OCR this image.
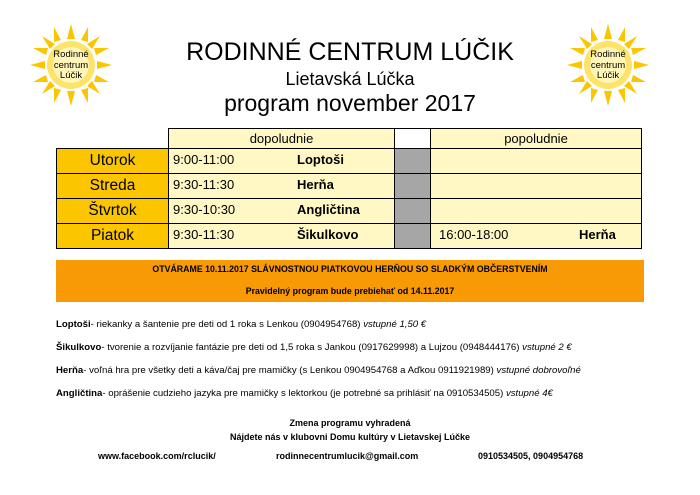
Rodinné
centrum
Lúčik
Rodinné
centrum
Lúčik
RODINNÉ CENTRUM LÚČIK
Lietavská Lúčka
program november 2017
dopoludnie	popoludnie
Utorok	9:00-11:00	Loptoši
Streda	9:30-11:30	Herňa
Štvrtok	9:30-10:30	Angličtina
Piatok	9:30-11:30	Šikulkovo	16:00-18:00	Herňa
OTVÁRAME 10.11.2017 SLÁVNOSTNOU PIATKOVOU HERŇOU SO SLADKÝM OBČERSTVENÍM
Pravidelný program bude prebiehať od 14.11.2017
Loptoši- riekanky a šantenie pre deti od 1 roka s Lenkou (0904954768) vstupné 1,50 €
Šikulkovo- tvorenie a rozvíjanie fantázie pre deti od 1,5 roka s Jankou (0917629998) a Lujzou (0948444176) vstupné 2 €
Herňa- voľná hra pre všetky deti a káva/čaj pre mamičky (s Lenkou 0904954768 a Aďkou 0911921989) vstupné dobrovoľné
Angličtina- oprášenie cudzieho jazyka pre mamičky s lektorkou (je potrebné sa prihlásiť na 0910534505) vstupné 4€
Zmena programu vyhradená
Nájdete nás v klubovni Domu kultúry v Lietavskej Lúčke
www.facebook.com/rclucik/	rodinnecentrumlucik@gmail.com	0910534505, 0904954768
